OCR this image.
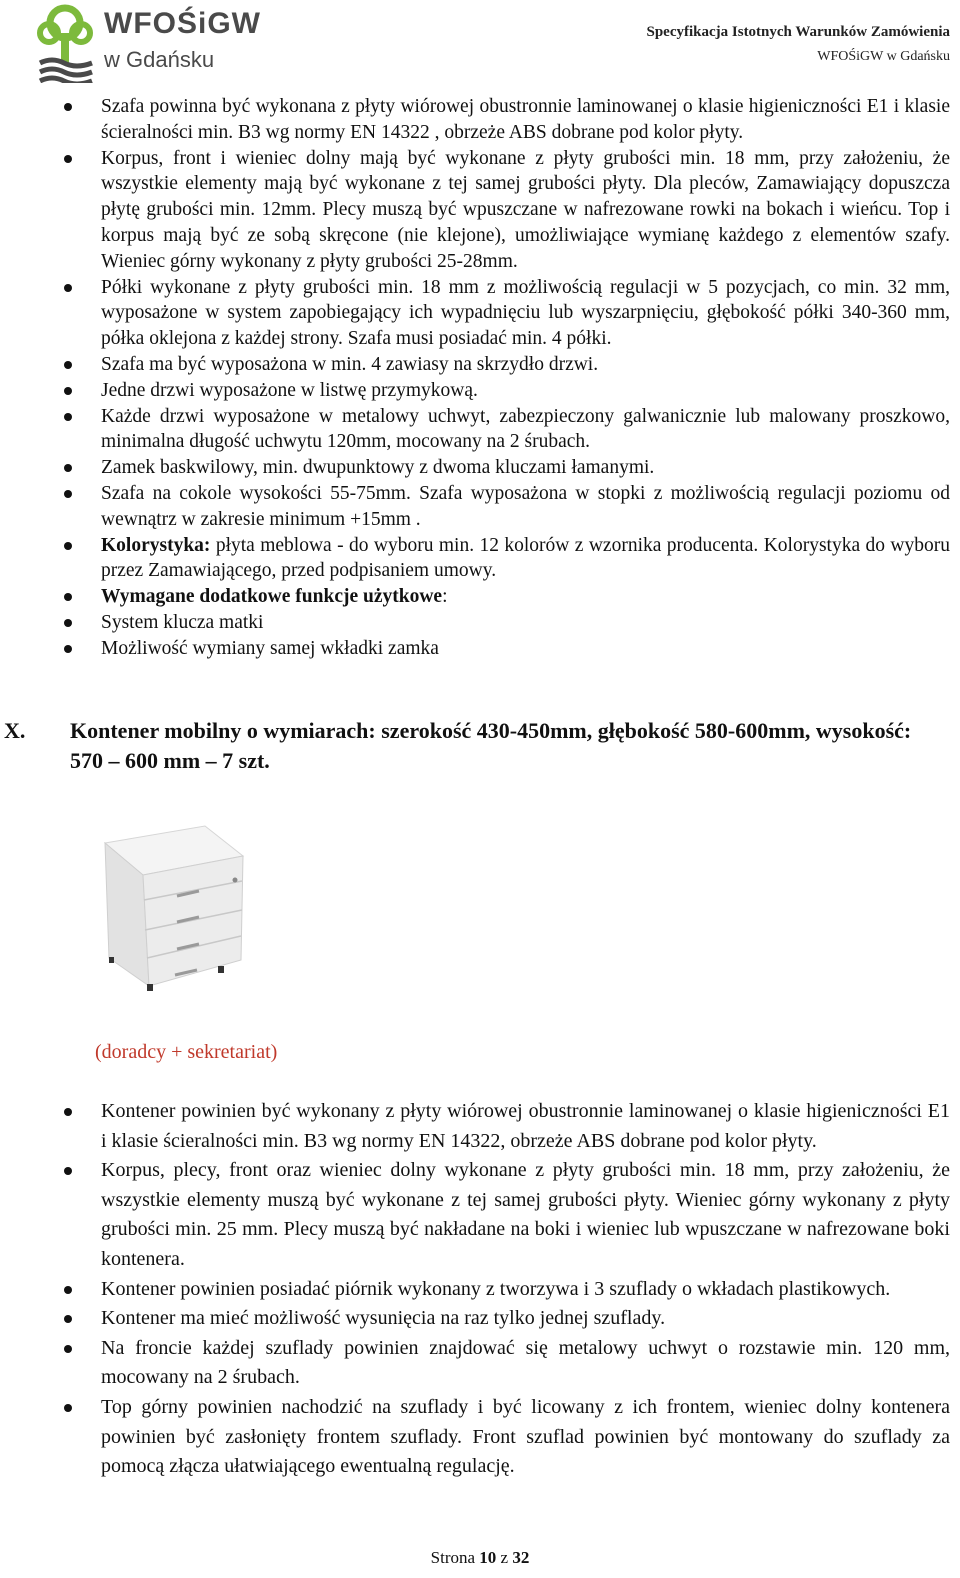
WFOŚiGW
w Gdańsku
Specyfikacja Istotnych Warunków Zamówienia
WFOŚiGW w Gdańsku
Szafa powinna być wykonana z płyty wiórowej obustronnie laminowanej o klasie higieniczności E1 i klasie ścieralności min. B3 wg normy EN 14322 , obrzeże ABS dobrane pod kolor płyty.
Korpus, front i wieniec dolny mają być wykonane z płyty grubości min. 18 mm, przy założeniu, że wszystkie elementy mają być wykonane z tej samej grubości płyty. Dla pleców, Zamawiający dopuszcza płytę grubości min. 12mm. Plecy muszą być wpuszczane w nafrezowane rowki na bokach i wieńcu. Top i korpus mają być ze sobą skręcone (nie klejone), umożliwiające wymianę każdego z elementów szafy. Wieniec górny wykonany z płyty grubości 25-28mm.
Półki wykonane z płyty grubości min. 18 mm z możliwością regulacji w 5 pozycjach, co min. 32 mm, wyposażone w system zapobiegający ich wypadnięciu lub wyszarpnięciu, głębokość półki 340-360 mm, półka oklejona z każdej strony. Szafa musi posiadać min. 4 półki.
Szafa ma być wyposażona w min. 4 zawiasy na skrzydło drzwi.
Jedne drzwi wyposażone w listwę przymykową.
Każde drzwi wyposażone w metalowy uchwyt, zabezpieczony galwanicznie lub malowany proszkowo, minimalna długość uchwytu 120mm, mocowany na 2 śrubach.
Zamek baskwilowy, min. dwupunktowy z dwoma kluczami łamanymi.
Szafa na cokole wysokości 55-75mm. Szafa wyposażona w stopki z możliwością regulacji poziomu od wewnątrz w zakresie minimum +15mm .
Kolorystyka: płyta meblowa - do wyboru min. 12 kolorów z wzornika producenta. Kolorystyka do wyboru przez Zamawiającego, przed podpisaniem umowy.
Wymagane dodatkowe funkcje użytkowe:
System klucza matki
Możliwość wymiany samej wkładki zamka
X. Kontener mobilny o wymiarach: szerokość 430-450mm, głębokość 580-600mm, wysokość: 570 – 600 mm – 7 szt.
(doradcy + sekretariat)
Kontener powinien być wykonany z płyty wiórowej obustronnie laminowanej o klasie higieniczności E1 i klasie ścieralności min. B3 wg normy EN 14322, obrzeże ABS dobrane pod kolor płyty.
Korpus, plecy, front oraz wieniec dolny wykonane z płyty grubości min. 18 mm, przy założeniu, że wszystkie elementy muszą być wykonane z tej samej grubości płyty. Wieniec górny wykonany z płyty grubości min. 25 mm. Plecy muszą być nakładane na boki i wieniec lub wpuszczane w nafrezowane boki kontenera.
Kontener powinien posiadać piórnik wykonany z tworzywa i 3 szuflady o wkładach plastikowych.
Kontener ma mieć możliwość wysunięcia na raz tylko jednej szuflady.
Na froncie każdej szuflady powinien znajdować się metalowy uchwyt o rozstawie min. 120 mm, mocowany na 2 śrubach.
Top górny powinien nachodzić na szuflady i być licowany z ich frontem, wieniec dolny kontenera powinien być zasłonięty frontem szuflady. Front szuflad powinien być montowany do szuflady za pomocą złącza ułatwiającego ewentualną regulację.
Strona 10 z 32
